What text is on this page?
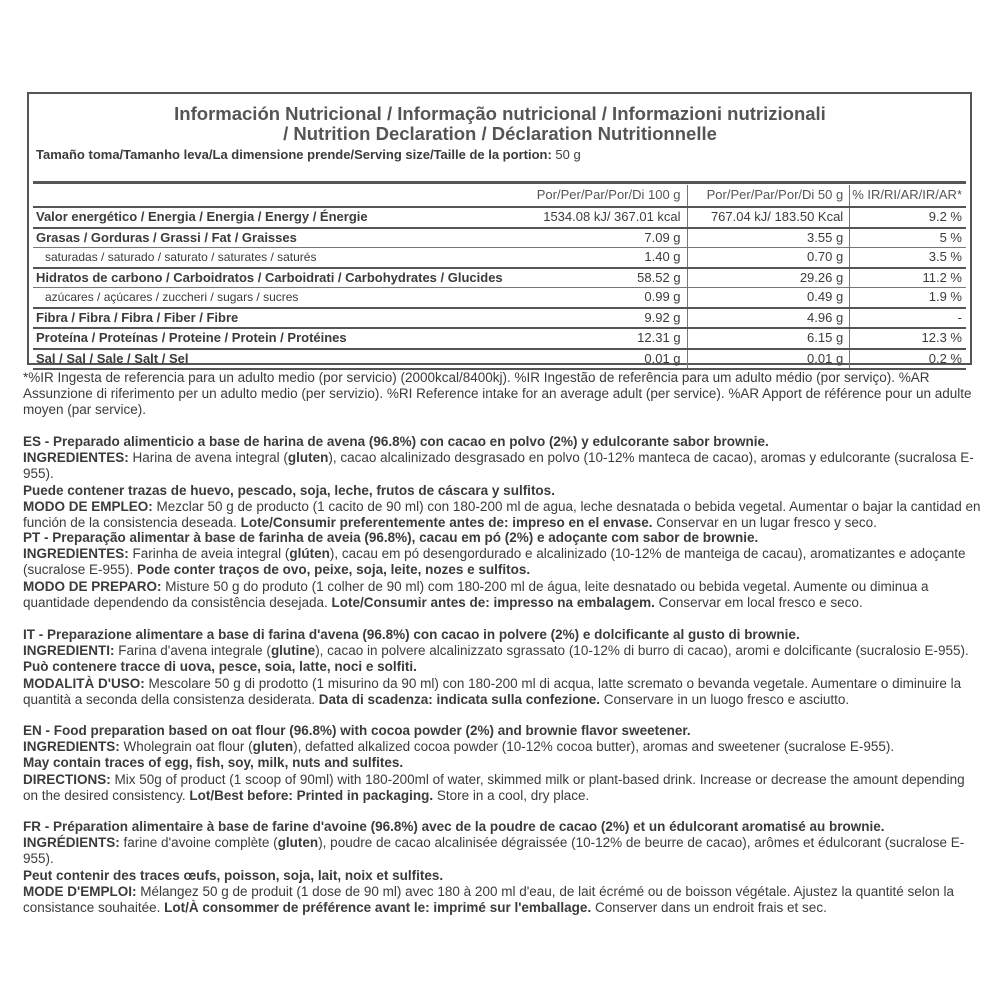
Información Nutricional / Informação nutricional / Informazioni nutrizionali
/ Nutrition Declaration / Déclaration Nutritionnelle
Tamaño toma/Tamanho leva/La dimensione prende/Serving size/Taille de la portion: 50 g
	Por/Per/Par/Por/Di 100 g	Por/Per/Par/Por/Di 50 g	% IR/RI/AR/IR/AR*
Valor energético / Energia / Energia / Energy / Énergie	1534.08 kJ/ 367.01 kcal	767.04 kJ/ 183.50 Kcal	9.2 %
Grasas / Gorduras / Grassi / Fat / Graisses	7.09 g	3.55 g	5 %
saturadas / saturado / saturato / saturates / saturés	1.40 g	0.70 g	3.5 %
Hidratos de carbono / Carboidratos / Carboidrati / Carbohydrates / Glucides	58.52 g	29.26 g	11.2 %
azúcares / açúcares / zuccheri / sugars / sucres	0.99 g	0.49 g	1.9 %
Fibra / Fibra / Fibra / Fiber / Fibre	9.92 g	4.96 g	-
Proteína / Proteínas / Proteine / Protein / Protéines	12.31 g	6.15 g	12.3 %
Sal / Sal / Sale / Salt / Sel	0.01 g	0.01 g	0.2 %
*%IR Ingesta de referencia para un adulto medio (por servicio) (2000kcal/8400kj). %IR Ingestão de referência para um adulto médio (por serviço). %AR Assunzione di riferimento per un adulto medio (per servizio). %RI Reference intake for an average adult (per service). %AR Apport de référence pour un adulte moyen (par service).

ES - Preparado alimenticio a base de harina de avena (96.8%) con cacao en polvo (2%) y edulcorante sabor brownie.

INGREDIENTES: Harina de avena integral (gluten), cacao alcalinizado desgrasado en polvo (10-12% manteca de cacao), aromas y edulcorante (sucralosa E-955).

Puede contener trazas de huevo, pescado, soja, leche, frutos de cáscara y sulfitos.

MODO DE EMPLEO: Mezclar 50 g de producto (1 cacito de 90 ml) con 180-200 ml de agua, leche desnatada o bebida vegetal. Aumentar o bajar la cantidad en función de la consistencia deseada. Lote/Consumir preferentemente antes de: impreso en el envase. Conservar en un lugar fresco y seco.

PT - Preparação alimentar à base de farinha de aveia (96.8%), cacau em pó (2%) e adoçante com sabor de brownie.

INGREDIENTES: Farinha de aveia integral (glúten), cacau em pó desengordurado e alcalinizado (10-12% de manteiga de cacau), aromatizantes e adoçante (sucralose E-955). Pode conter traços de ovo, peixe, soja, leite, nozes e sulfitos.

MODO DE PREPARO: Misture 50 g do produto (1 colher de 90 ml) com 180-200 ml de água, leite desnatado ou bebida vegetal. Aumente ou diminua a quantidade dependendo da consistência desejada. Lote/Consumir antes de: impresso na embalagem. Conservar em local fresco e seco.

IT - Preparazione alimentare a base di farina d'avena (96.8%) con cacao in polvere (2%) e dolcificante al gusto di brownie.

INGREDIENTI: Farina d'avena integrale (glutine), cacao in polvere alcalinizzato sgrassato (10-12% di burro di cacao), aromi e dolcificante (sucralosio E-955).

Può contenere tracce di uova, pesce, soia, latte, noci e solfiti.

MODALITÀ D'USO: Mescolare 50 g di prodotto (1 misurino da 90 ml) con 180-200 ml di acqua, latte scremato o bevanda vegetale. Aumentare o diminuire la quantità a seconda della consistenza desiderata. Data di scadenza: indicata sulla confezione. Conservare in un luogo fresco e asciutto.

EN - Food preparation based on oat flour (96.8%) with cocoa powder (2%) and brownie flavor sweetener.

INGREDIENTS: Wholegrain oat flour (gluten), defatted alkalized cocoa powder (10-12% cocoa butter), aromas and sweetener (sucralose E-955).

May contain traces of egg, fish, soy, milk, nuts and sulfites.

DIRECTIONS: Mix 50g of product (1 scoop of 90ml) with 180-200ml of water, skimmed milk or plant-based drink. Increase or decrease the amount depending on the desired consistency. Lot/Best before: Printed in packaging. Store in a cool, dry place.

FR - Préparation alimentaire à base de farine d'avoine (96.8%) avec de la poudre de cacao (2%) et un édulcorant aromatisé au brownie.

INGRÉDIENTS: farine d'avoine complète (gluten), poudre de cacao alcalinisée dégraissée (10-12% de beurre de cacao), arômes et édulcorant (sucralose E-955).

Peut contenir des traces œufs, poisson, soja, lait, noix et sulfites.

MODE D'EMPLOI: Mélangez 50 g de produit (1 dose de 90 ml) avec 180 à 200 ml d'eau, de lait écrémé ou de boisson végétale. Ajustez la quantité selon la consistance souhaitée. Lot/À consommer de préférence avant le: imprimé sur l'emballage. Conserver dans un endroit frais et sec.
